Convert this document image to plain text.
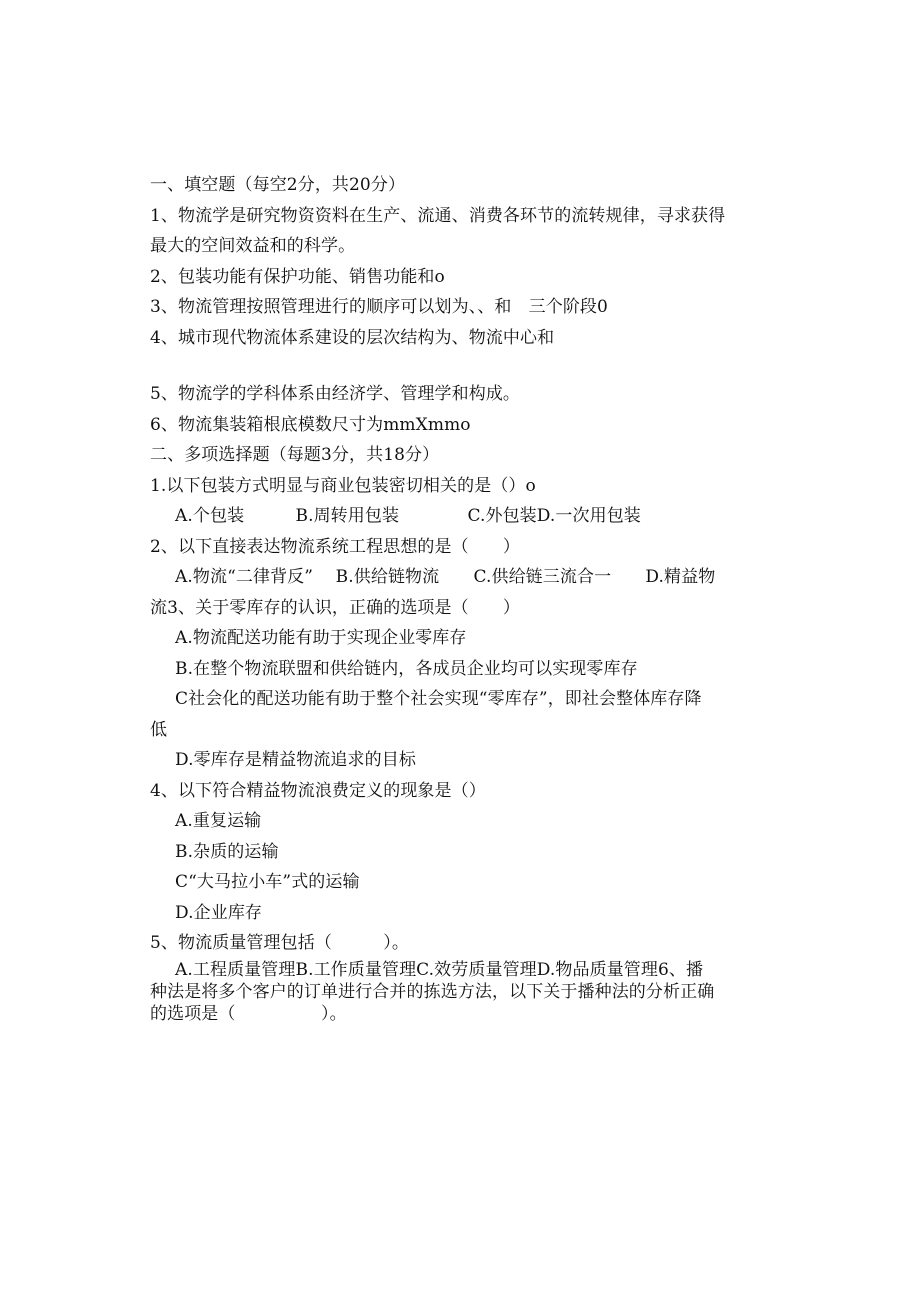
一、填空题（每空2分，共20分）
1、物流学是研究物资资料在生产、流通、消费各环节的流转规律，寻求获得
最大的空间效益和的科学。
2、包装功能有保护功能、销售功能和o
3、物流管理按照管理进行的顺序可以划为、、和　三个阶段0
4、城市现代物流体系建设的层次结构为、物流中心和
5、物流学的学科体系由经济学、管理学和构成。
6、物流集装箱根底模数尺寸为mmXmmo
二、多项选择题（每题3分，共18分）
1.以下包装方式明显与商业包装密切相关的是（）o
A.个包装　　　B.周转用包装　　　　C.外包装D.一次用包装
2、以下直接表达物流系统工程思想的是（　　）
A.物流“二律背反”　 B.供给链物流　　C.供给链三流合一　　D.精益物
流3、关于零库存的认识，正确的选项是（　　）
A.物流配送功能有助于实现企业零库存
B.在整个物流联盟和供给链内，各成员企业均可以实现零库存
C社会化的配送功能有助于整个社会实现“零库存”，即社会整体库存降
低
D.零库存是精益物流追求的目标
4、以下符合精益物流浪费定义的现象是（）
A.重复运输
B.杂质的运输
C“大马拉小车”式的运输
D.企业库存
5、物流质量管理包括（　　　）。
A.工程质量管理B.工作质量管理C.效劳质量管理D.物品质量管理6、播
种法是将多个客户的订单进行合并的拣选方法，以下关于播种法的分析正确
的选项是（　　　　　）。
